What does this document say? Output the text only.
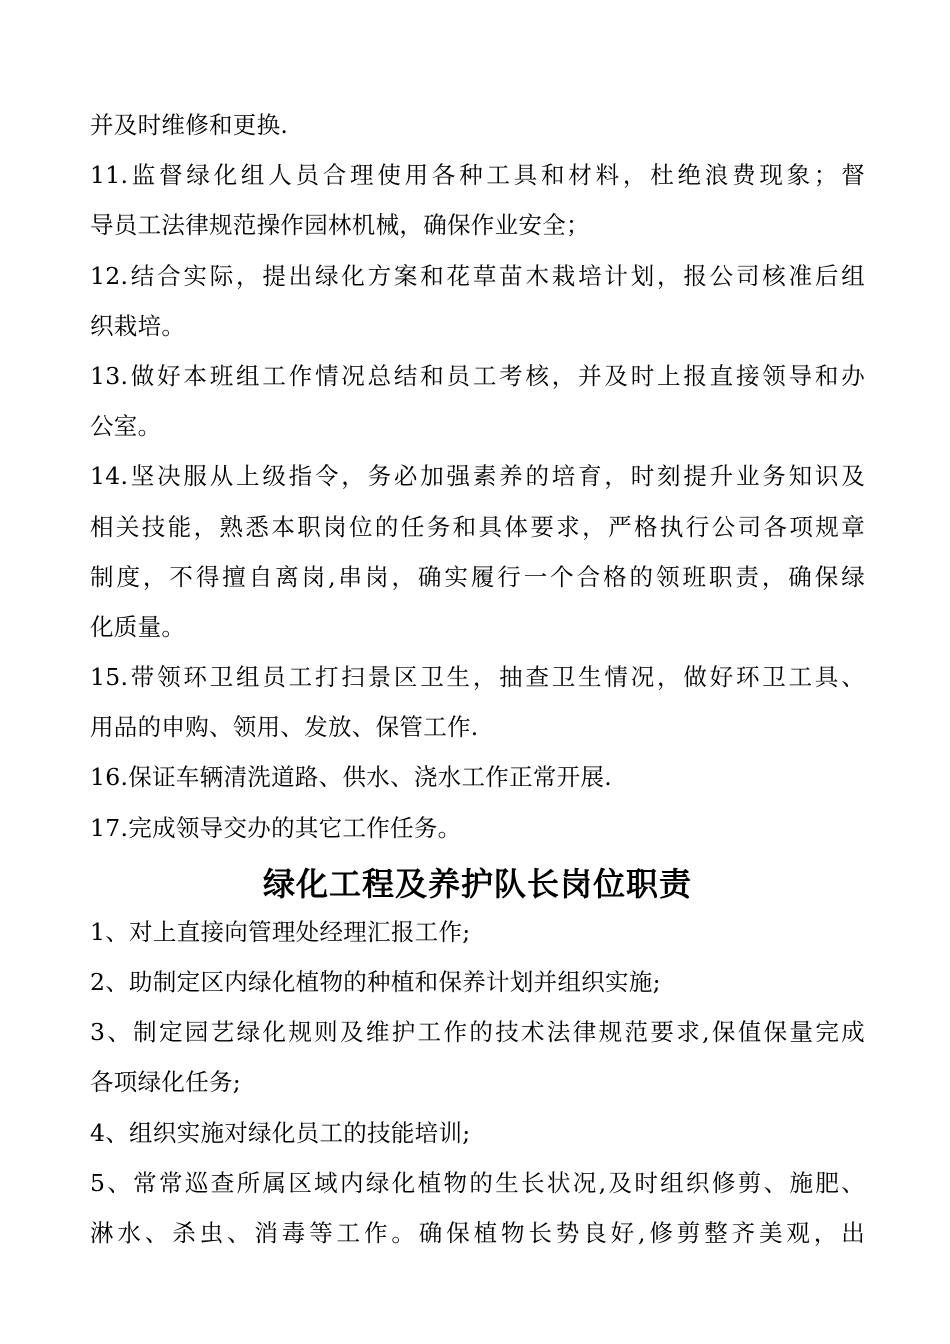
并及时维修和更换.
11.监督绿化组人员合理使用各种工具和材料，杜绝浪费现象；督
导员工法律规范操作园林机械，确保作业安全；
12.结合实际，提出绿化方案和花草苗木栽培计划，报公司核准后组
织栽培。
13.做好本班组工作情况总结和员工考核，并及时上报直接领导和办
公室。
14.坚决服从上级指令，务必加强素养的培育，时刻提升业务知识及
相关技能，熟悉本职岗位的任务和具体要求，严格执行公司各项规章
制度，不得擅自离岗,串岗，确实履行一个合格的领班职责，确保绿
化质量。
15.带领环卫组员工打扫景区卫生，抽查卫生情况，做好环卫工具、
用品的申购、领用、发放、保管工作.
16.保证车辆清洗道路、供水、浇水工作正常开展.
17.完成领导交办的其它工作任务。
绿化工程及养护队长岗位职责
1、对上直接向管理处经理汇报工作;
2、助制定区内绿化植物的种植和保养计划并组织实施;
3、制定园艺绿化规则及维护工作的技术法律规范要求,保值保量完成
各项绿化任务;
4、组织实施对绿化员工的技能培训;
5、常常巡查所属区域内绿化植物的生长状况,及时组织修剪、施肥、
淋水、杀虫、消毒等工作。确保植物长势良好,修剪整齐美观，出
